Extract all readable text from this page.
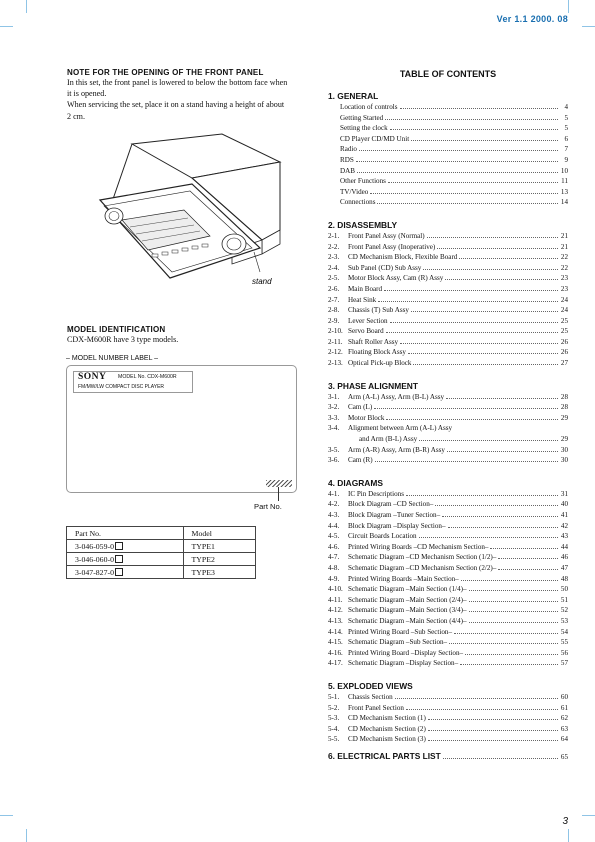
Ver 1.1 2000. 08

NOTE FOR THE OPENING OF THE FRONT PANEL

In this set, the front panel is lowered to below the bottom face when

it is opened.

When servicing the set, place it on a stand having a height of about

2 cm.

stand

MODEL IDENTIFICATION

CDX-M600R have 3 type models.

SONY MODEL No. CDX-M600R
FM/MW/LW COMPACT DISC PLAYER
– MODEL NUMBER LABEL –
Part No.
Part No.	Model
3-046-059-0	TYPE1
3-046-060-0	TYPE2
3-047-827-0	TYPE3

TABLE OF CONTENTS

1. GENERAL

Location of controls	4
Getting Started	5
Setting the clock	5
CD Player CD/MD Unit	6
Radio	7
RDS	9
DAB	10
Other Functions	11
TV/Video	13
Connections	14

2. DISASSEMBLY

2-1.	Front Panel Assy (Normal)	21
2-2.	Front Panel Assy (Inoperative)	21
2-3.	CD Mechanism Block, Flexible Board	22
2-4.	Sub Panel (CD) Sub Assy	22
2-5.	Motor Block Assy, Cam (R) Assy	23
2-6.	Main Board	23
2-7.	Heat Sink	24
2-8.	Chassis (T) Sub Assy	24
2-9.	Lever Section	25
2-10. Servo Board	25
2-11. Shaft Roller Assy	26
2-12. Floating Block Assy	26
2-13. Optical Pick-up Block	27

3. PHASE ALIGNMENT

3-1.	Arm (A-L) Assy, Arm (B-L) Assy	28
3-2.	Cam (L)	28
3-3.	Motor Block	29
3-4.	Alignment between Arm (A-L) Assy
and Arm (B-L) Assy	29
3-5.	Arm (A-R) Assy, Arm (B-R) Assy	30
3-6.	Cam (R)	30

4. DIAGRAMS

4-1.	IC Pin Descriptions	31
4-2.	Block Diagram –CD Section–	40
4-3.	Block Diagram –Tuner Section–	41
4-4.	Block Diagram –Display Section–	42
4-5.	Circuit Boards Location	43
4-6.	Printed Wiring Boards –CD Mechanism Section–	44
4-7.	Schematic Diagram –CD Mechanism Section (1/2)–	46
4-8.	Schematic Diagram –CD Mechanism Section (2/2)–	47
4-9.	Printed Wiring Boards –Main Section–	48
4-10. Schematic Diagram –Main Section (1/4)–	50
4-11. Schematic Diagram –Main Section (2/4)–	51
4-12. Schematic Diagram –Main Section (3/4)–	52
4-13. Schematic Diagram –Main Section (4/4)–	53
4-14. Printed Wiring Board –Sub Section–	54
4-15. Schematic Diagram –Sub Section–	55
4-16. Printed Wiring Board –Display Section–	56
4-17. Schematic Diagram –Display Section–	57

5. EXPLODED VIEWS

5-1.	Chassis Section	60
5-2.	Front Panel Section	61
5-3.	CD Mechanism Section (1)	62
5-4.	CD Mechanism Section (2)	63
5-5.	CD Mechanism Section (3)	64
6. ELECTRICAL PARTS LIST	65
3
